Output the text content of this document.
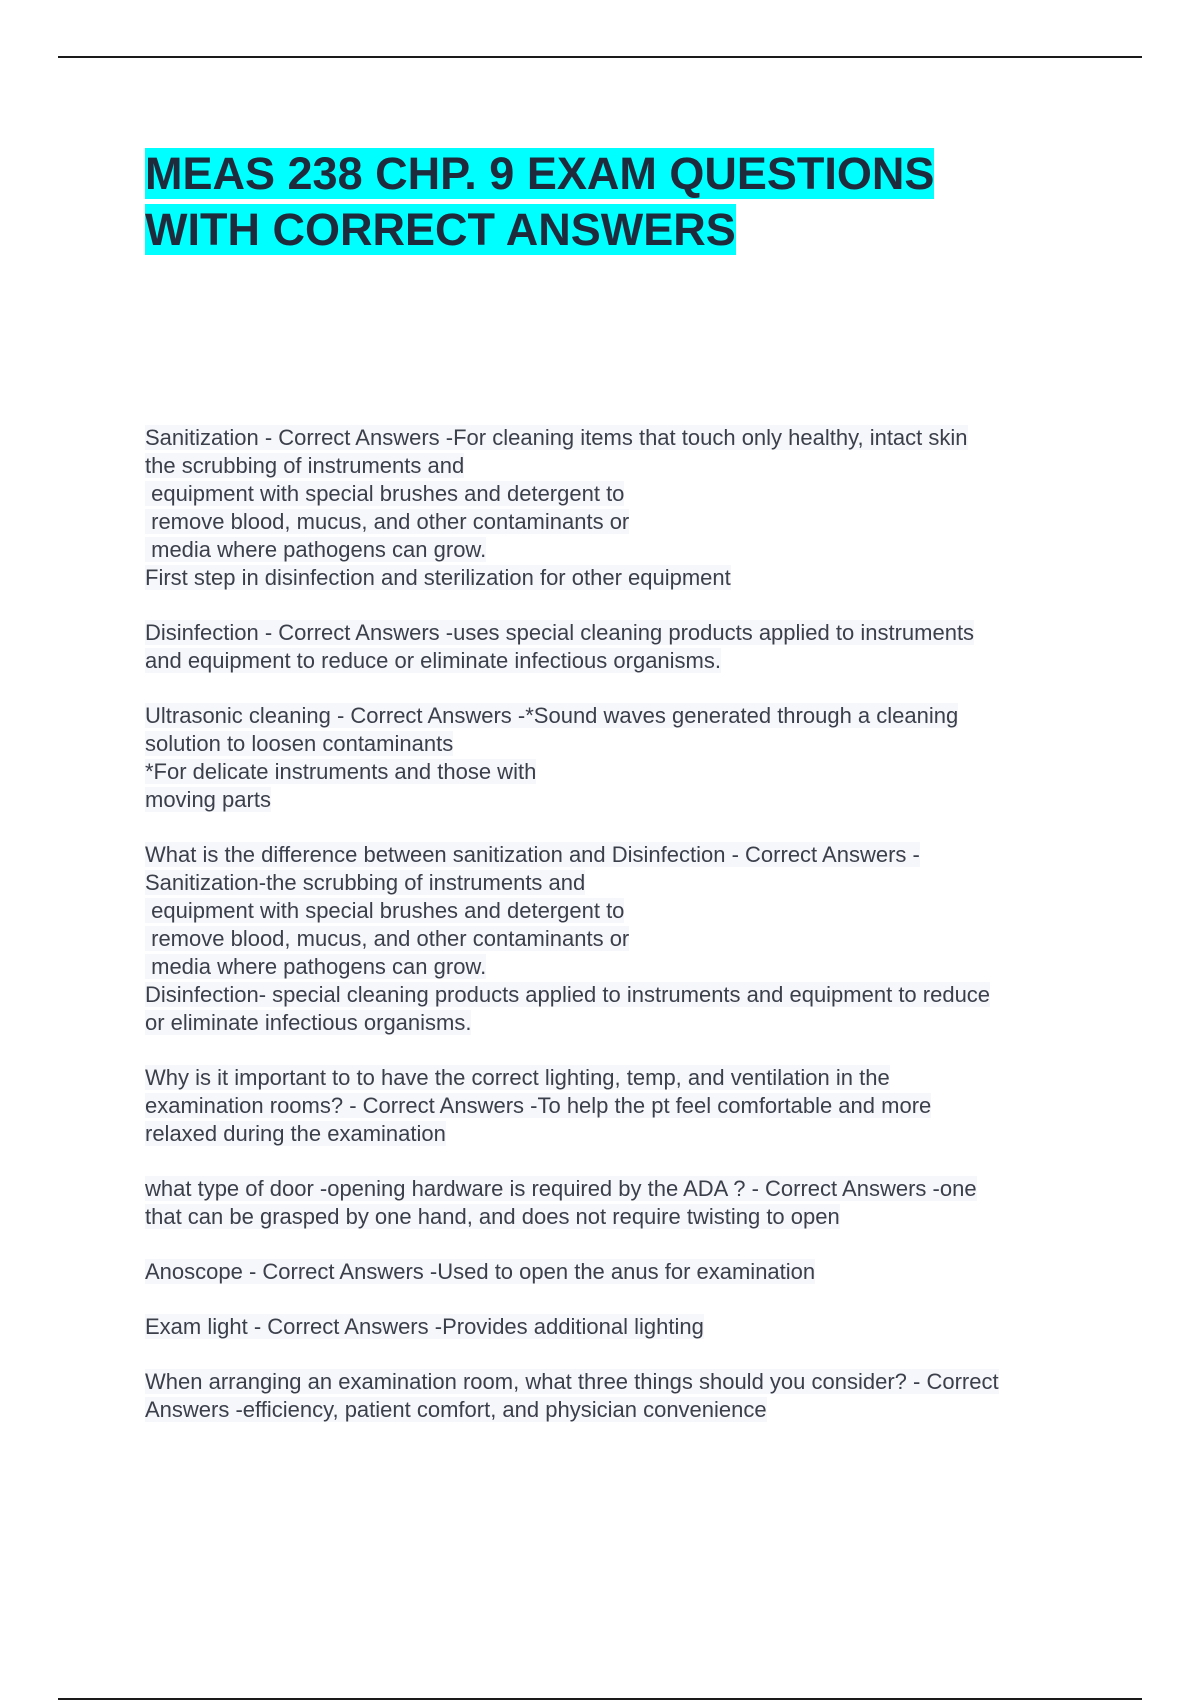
MEAS 238 CHP. 9 EXAM QUESTIONS
WITH CORRECT ANSWERS
Sanitization - Correct Answers -For cleaning items that touch only healthy, intact skin
the scrubbing of instruments and
equipment with special brushes and detergent to
remove blood, mucus, and other contaminants or
media where pathogens can grow.
First step in disinfection and sterilization for other equipment
Disinfection - Correct Answers -uses special cleaning products applied to instruments
and equipment to reduce or eliminate infectious organisms.
Ultrasonic cleaning - Correct Answers -*Sound waves generated through a cleaning
solution to loosen contaminants
*For delicate instruments and those with
moving parts
What is the difference between sanitization and Disinfection - Correct Answers -
Sanitization-the scrubbing of instruments and
equipment with special brushes and detergent to
remove blood, mucus, and other contaminants or
media where pathogens can grow.
Disinfection- special cleaning products applied to instruments and equipment to reduce
or eliminate infectious organisms.
Why is it important to to have the correct lighting, temp, and ventilation in the
examination rooms? - Correct Answers -To help the pt feel comfortable and more
relaxed during the examination
what type of door -opening hardware is required by the ADA ? - Correct Answers -one
that can be grasped by one hand, and does not require twisting to open
Anoscope - Correct Answers -Used to open the anus for examination
Exam light - Correct Answers -Provides additional lighting
When arranging an examination room, what three things should you consider? - Correct
Answers -efficiency, patient comfort, and physician convenience
